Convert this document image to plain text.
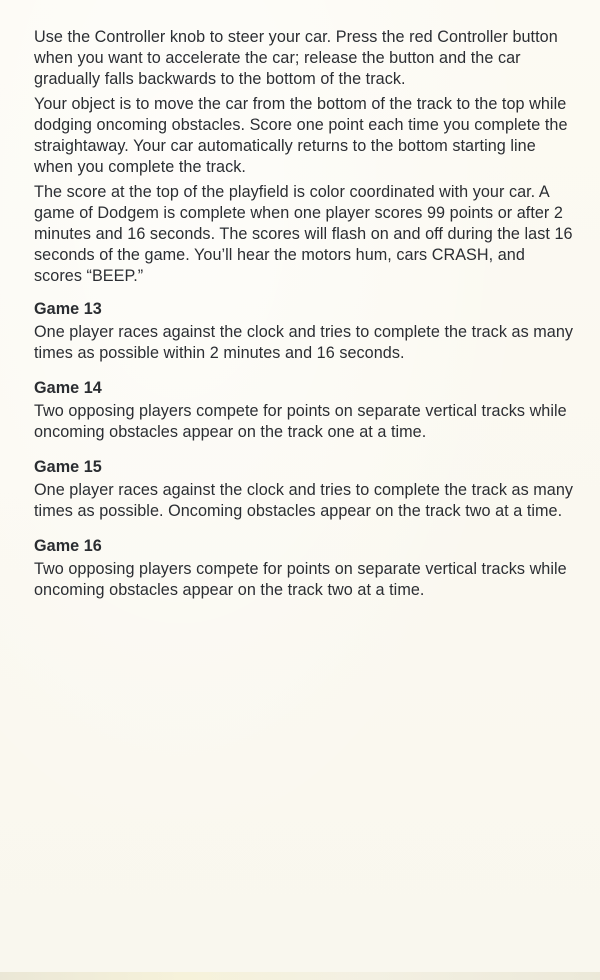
Use the Controller knob to steer your car. Press the red Controller button when you want to accelerate the car; release the button and the car gradually falls backwards to the bottom of the track.

Your object is to move the car from the bottom of the track to the top while dodging oncoming obstacles. Score one point each time you complete the straightaway. Your car automatically returns to the bottom starting line when you complete the track.

The score at the top of the playfield is color coordinated with your car. A game of Dodgem is complete when one player scores 99 points or after 2 minutes and 16 seconds. The scores will flash on and off during the last 16 seconds of the game. You’ll hear the motors hum, cars CRASH, and scores “BEEP.”

Game 13

One player races against the clock and tries to complete the track as many times as possible within 2 minutes and 16 seconds.

Game 14

Two opposing players compete for points on separate vertical tracks while oncoming obstacles appear on the track one at a time.

Game 15

One player races against the clock and tries to complete the track as many times as possible. Oncoming obstacles appear on the track two at a time.

Game 16

Two opposing players compete for points on separate vertical tracks while oncoming obstacles appear on the track two at a time.
